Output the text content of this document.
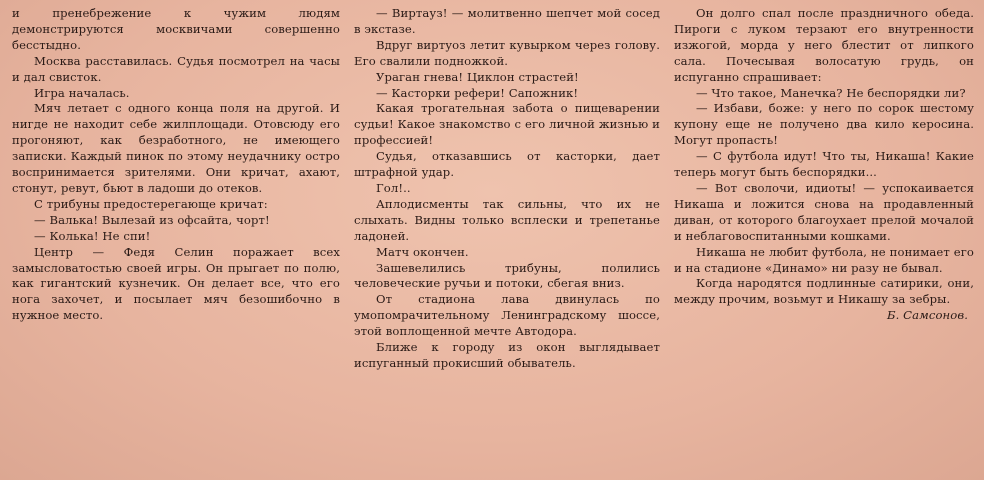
и пренебрежение к чужим людям демонстрируются москвичами совершенно бесстыдно.

Москва расставилась. Судья посмотрел на часы и дал свисток.

Игра началась.

Мяч летает с одного конца поля на другой. И нигде не находит себе жилплощади. Отовсюду его прогоняют, как безработного, не имеющего записки. Каждый пинок по этому неудачнику остро воспринимается зрителями. Они кричат, ахают, стонут, ревут, бьют в ладоши до отеков.

С трибуны предостерегающе кричат:

— Валька! Вылезай из офсайта, чорт!

— Колька! Не спи!

Центр — Федя Селин поражает всех замысловатостью своей игры. Он прыгает по полю, как гигантский кузнечик. Он делает все, что его нога захочет, и посылает мяч безошибочно в нужное место.

— Виртауз! — молитвенно шепчет мой сосед в экстазе.

Вдруг виртуоз летит кувырком через голову. Его свалили подножкой.

Ураган гнева! Циклон страстей!

— Касторки рефери! Сапожник!

Какая трогательная забота о пищеварении судьи! Какое знакомство с его личной жизнью и профессией!

Судья, отказавшись от касторки, дает штрафной удар.

Гол!..

Аплодисменты так сильны, что их не слыхать. Видны только всплески и трепетанье ладоней.

Матч окончен.

Зашевелились трибуны, полились человеческие ручьи и потоки, сбегая вниз.

От стадиона лава двинулась по умопомрачительному Ленинградскому шоссе, этой воплощенной мечте Автодора.

Ближе к городу из окон выглядывает испуганный прокисший обыватель.

Он долго спал после праздничного обеда. Пироги с луком терзают его внутренности изжогой, морда у него блестит от липкого сала. Почесывая волосатую грудь, он испуганно спрашивает:

— Что такое, Манечка? Не беспорядки ли?

— Избави, боже: у него по сорок шестому купону еще не получено два кило керосина. Могут пропасть!

— С футбола идут! Что ты, Никаша! Какие теперь могут быть беспорядки...

— Вот сволочи, идиоты! — успокаивается Никаша и ложится снова на продавленный диван, от которого благоухает прелой мочалой и неблаговоспитанными кошками.

Никаша не любит футбола, не понимает его и на стадионе «Динамо» ни разу не бывал.

Когда народятся подлинные сатирики, они, между прочим, возьмут и Никашу за зебры.

Б. Самсонов.
